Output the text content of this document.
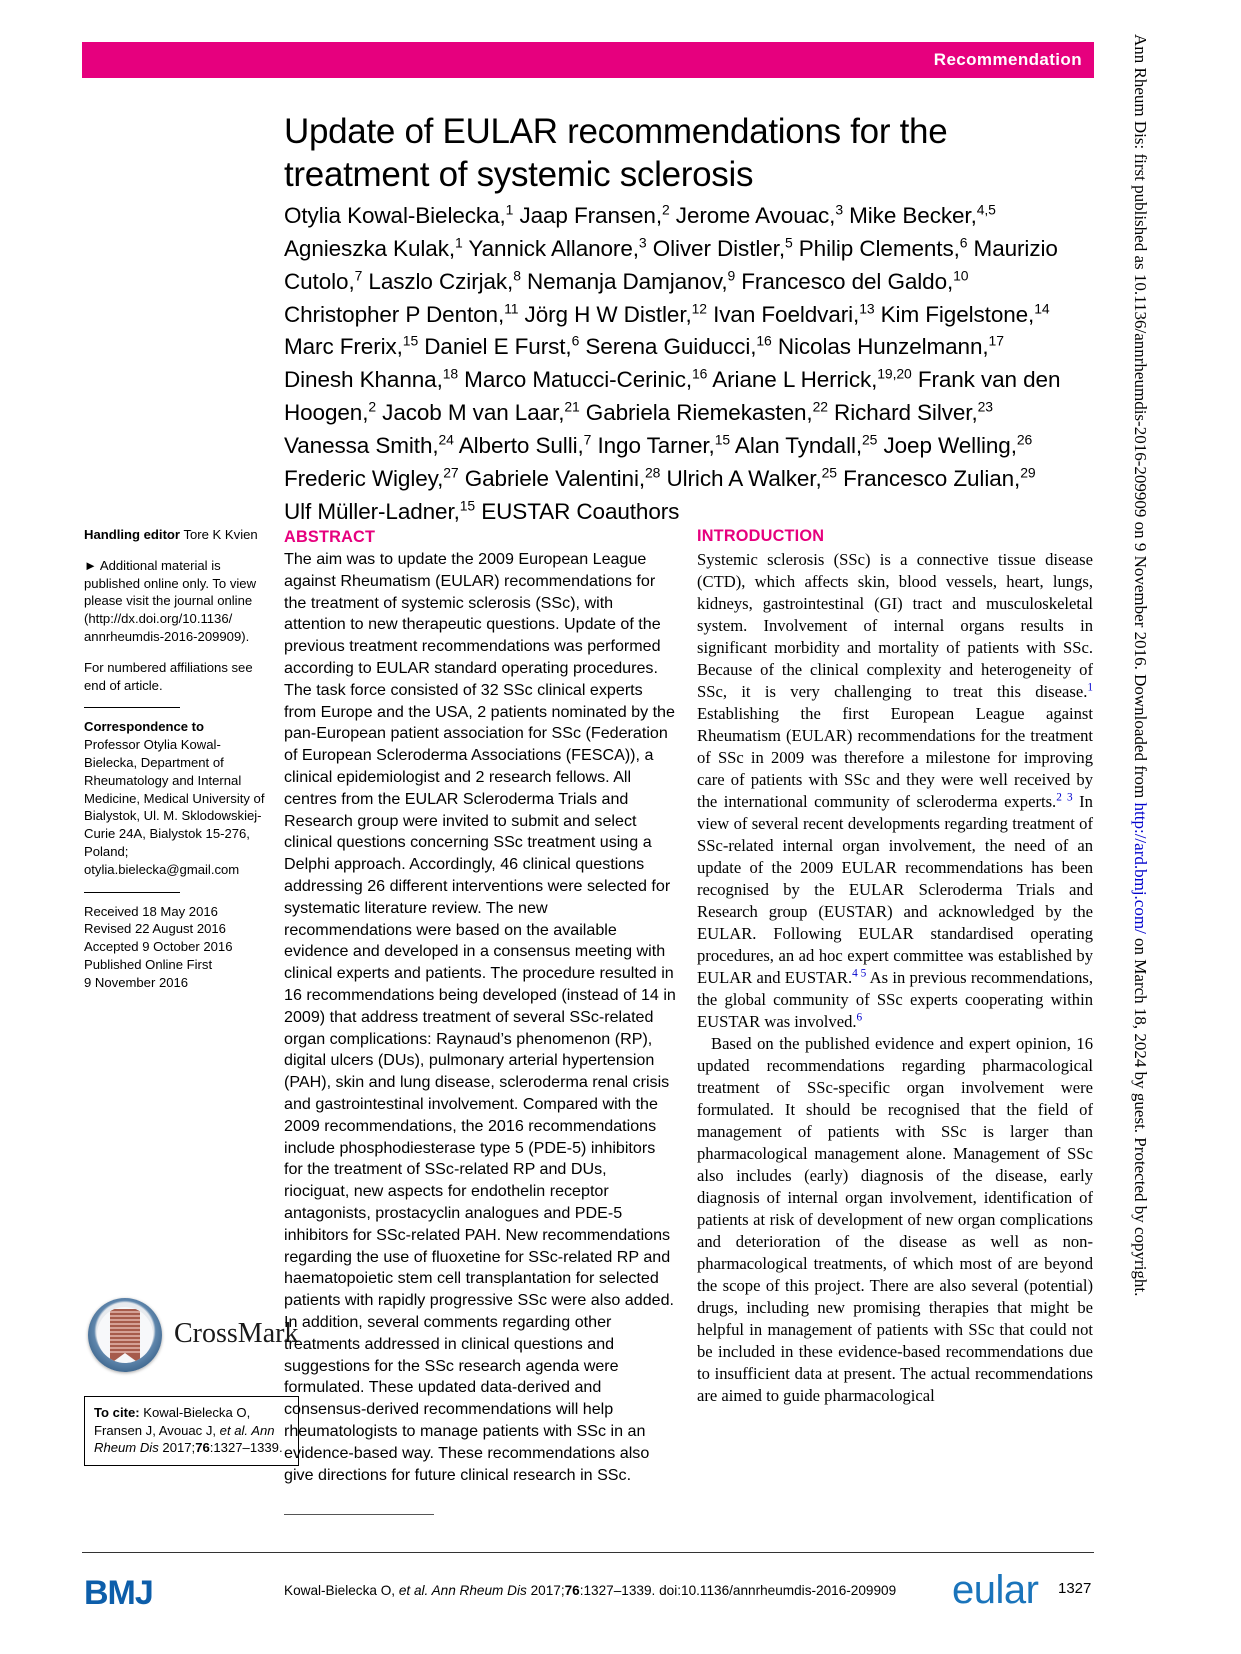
Recommendation
Update of EULAR recommendations for the treatment of systemic sclerosis
Otylia Kowal-Bielecka,$^1$ Jaap Fransen,$^2$ Jerome Avouac,$^3$ Mike Becker,$^{4,5}$ Agnieszka Kulak,$^1$ Yannick Allanore,$^3$ Oliver Distler,$^5$ Philip Clements,$^6$ Maurizio Cutolo,$^7$ Laszlo Czirjak,$^8$ Nemanja Damjanov,$^9$ Francesco del Galdo,$^{10}$ Christopher P Denton,$^{11}$ Jörg H W Distler,$^{12}$ Ivan Foeldvari,$^{13}$ Kim Figelstone,$^{14}$ Marc Frerix,$^{15}$ Daniel E Furst,$^6$ Serena Guiducci,$^{16}$ Nicolas Hunzelmann,$^{17}$ Dinesh Khanna,$^{18}$ Marco Matucci-Cerinic,$^{16}$ Ariane L Herrick,$^{19,20}$ Frank van den Hoogen,$^2$ Jacob M van Laar,$^{21}$ Gabriela Riemekasten,$^{22}$ Richard Silver,$^{23}$ Vanessa Smith,$^{24}$ Alberto Sulli,$^7$ Ingo Tarner,$^{15}$ Alan Tyndall,$^{25}$ Joep Welling,$^{26}$ Frederic Wigley,$^{27}$ Gabriele Valentini,$^{28}$ Ulrich A Walker,$^{25}$ Francesco Zulian,$^{29}$ Ulf Müller-Ladner,$^{15}$ EUSTAR Coauthors

Handling editor Tore K Kvien

► Additional material is published online only. To view please visit the journal online (http://dx.doi.org/10.1136/ annrheumdis-2016-209909).

For numbered affiliations see end of article.

Correspondence to
Professor Otylia Kowal-Bielecka, Department of Rheumatology and Internal Medicine, Medical University of Bialystok, Ul. M. Sklodowskiej-Curie 24A, Bialystok 15-276, Poland; otylia.bielecka@gmail.com

Received 18 May 2016
Revised 22 August 2016
Accepted 9 October 2016
Published Online First
9 November 2016

CrossMark
To cite: Kowal-Bielecka O, Fransen J, Avouac J, et al. Ann Rheum Dis 2017;76:1327–1339.
ABSTRACT

The aim was to update the 2009 European League against Rheumatism (EULAR) recommendations for the treatment of systemic sclerosis (SSc), with attention to new therapeutic questions. Update of the previous treatment recommendations was performed according to EULAR standard operating procedures. The task force consisted of 32 SSc clinical experts from Europe and the USA, 2 patients nominated by the pan-European patient association for SSc (Federation of European Scleroderma Associations (FESCA)), a clinical epidemiologist and 2 research fellows. All centres from the EULAR Scleroderma Trials and Research group were invited to submit and select clinical questions concerning SSc treatment using a Delphi approach. Accordingly, 46 clinical questions addressing 26 different interventions were selected for systematic literature review. The new recommendations were based on the available evidence and developed in a consensus meeting with clinical experts and patients. The procedure resulted in 16 recommendations being developed (instead of 14 in 2009) that address treatment of several SSc-related organ complications: Raynaud’s phenomenon (RP), digital ulcers (DUs), pulmonary arterial hypertension (PAH), skin and lung disease, scleroderma renal crisis and gastrointestinal involvement. Compared with the 2009 recommendations, the 2016 recommendations include phosphodiesterase type 5 (PDE-5) inhibitors for the treatment of SSc-related RP and DUs, riociguat, new aspects for endothelin receptor antagonists, prostacyclin analogues and PDE-5 inhibitors for SSc-related PAH. New recommendations regarding the use of fluoxetine for SSc-related RP and haematopoietic stem cell transplantation for selected patients with rapidly progressive SSc were also added. In addition, several comments regarding other treatments addressed in clinical questions and suggestions for the SSc research agenda were formulated. These updated data-derived and consensus-derived recommendations will help rheumatologists to manage patients with SSc in an evidence-based way. These recommendations also give directions for future clinical research in SSc.

INTRODUCTION

Systemic sclerosis (SSc) is a connective tissue disease (CTD), which affects skin, blood vessels, heart, lungs, kidneys, gastrointestinal (GI) tract and musculoskeletal system. Involvement of internal organs results in significant morbidity and mortality of patients with SSc. Because of the clinical complexity and heterogeneity of SSc, it is very challenging to treat this disease.$^1$ Establishing the first European League against Rheumatism (EULAR) recommendations for the treatment of SSc in 2009 was therefore a milestone for improving care of patients with SSc and they were well received by the international community of scleroderma experts.$^{2 3}$ In view of several recent developments regarding treatment of SSc-related internal organ involvement, the need of an update of the 2009 EULAR recommendations has been recognised by the EULAR Scleroderma Trials and Research group (EUSTAR) and acknowledged by the EULAR. Following EULAR standardised operating procedures, an ad hoc expert committee was established by EULAR and EUSTAR.$^{4 5}$ As in previous recommendations, the global community of SSc experts cooperating within EUSTAR was involved.$^6$

Based on the published evidence and expert opinion, 16 updated recommendations regarding pharmacological treatment of SSc-specific organ involvement were formulated. It should be recognised that the field of management of patients with SSc is larger than pharmacological management alone. Management of SSc also includes (early) diagnosis of the disease, early diagnosis of internal organ involvement, identification of patients at risk of development of new organ complications and deterioration of the disease as well as non-pharmacological treatments, of which most of are beyond the scope of this project. There are also several (potential) drugs, including new promising therapies that might be helpful in management of patients with SSc that could not be included in these evidence-based recommendations due to insufficient data at present. The actual recommendations are aimed to guide pharmacological

Ann Rheum Dis: first published as 10.1136/annrheumdis-2016-209909 on 9 November 2016. Downloaded from http://ard.bmj.com/ on March 18, 2024 by guest. Protected by copyright.
BMJ	Kowal-Bielecka O, et al. Ann Rheum Dis 2017;76:1327–1339. doi:10.1136/annrheumdis-2016-209909	eular 1327
